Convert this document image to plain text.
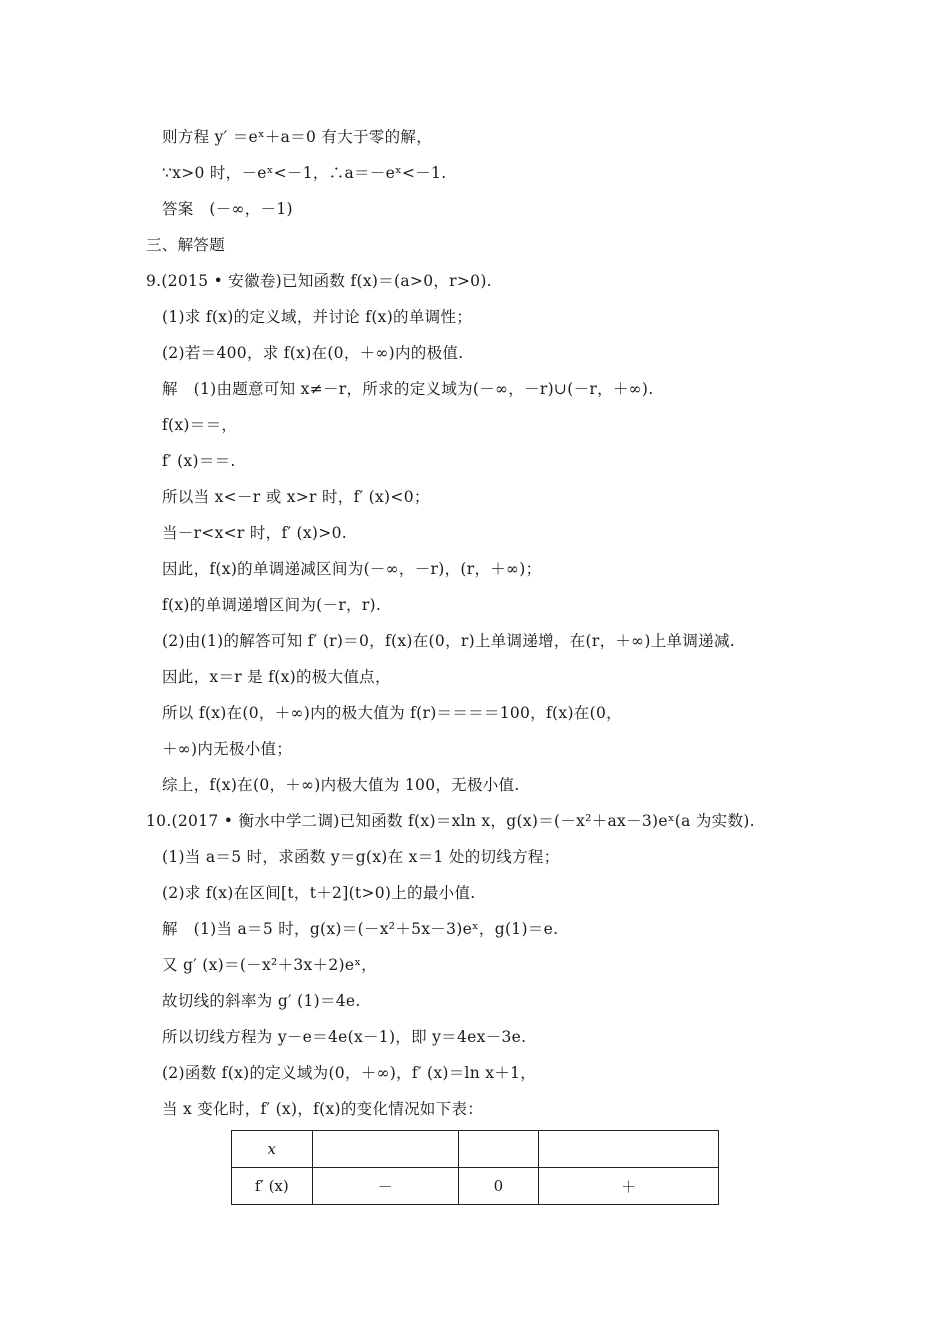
则方程 y′ ＝eˣ＋a＝0 有大于零的解，
∵x>0 时，－eˣ<－1，∴a＝－eˣ<－1.
答案　(－∞，－1)
三、解答题
9.(2015 • 安徽卷)已知函数 f(x)＝(a>0，r>0).
(1)求 f(x)的定义域，并讨论 f(x)的单调性；
(2)若＝400，求 f(x)在(0，＋∞)内的极值.
解　(1)由题意可知 x≠－r，所求的定义域为(－∞，－r)∪(－r，＋∞).
f(x)＝＝，
f′ (x)＝＝.
所以当 x<－r 或 x>r 时，f′ (x)<0；
当－r<x<r 时，f′ (x)>0.
因此，f(x)的单调递减区间为(－∞，－r)，(r，＋∞)；
f(x)的单调递增区间为(－r，r).
(2)由(1)的解答可知 f′ (r)＝0，f(x)在(0，r)上单调递增，在(r，＋∞)上单调递减.
因此，x＝r 是 f(x)的极大值点，
所以 f(x)在(0，＋∞)内的极大值为 f(r)＝＝＝＝100，f(x)在(0，
＋∞)内无极小值；
综上，f(x)在(0，＋∞)内极大值为 100，无极小值.
10.(2017 • 衡水中学二调)已知函数 f(x)＝xln x，g(x)＝(－x²＋ax－3)eˣ(a 为实数).
(1)当 a＝5 时，求函数 y＝g(x)在 x＝1 处的切线方程；
(2)求 f(x)在区间[t，t＋2](t>0)上的最小值.
解　(1)当 a＝5 时，g(x)＝(－x²＋5x－3)eˣ，g(1)＝e.
又 g′ (x)＝(－x²＋3x＋2)eˣ，
故切线的斜率为 g′ (1)＝4e.
所以切线方程为 y－e＝4e(x－1)，即 y＝4ex－3e.
(2)函数 f(x)的定义域为(0，＋∞)，f′ (x)＝ln x＋1，
当 x 变化时，f′ (x)，f(x)的变化情况如下表：
x			
f′ (x)	－	0	＋
